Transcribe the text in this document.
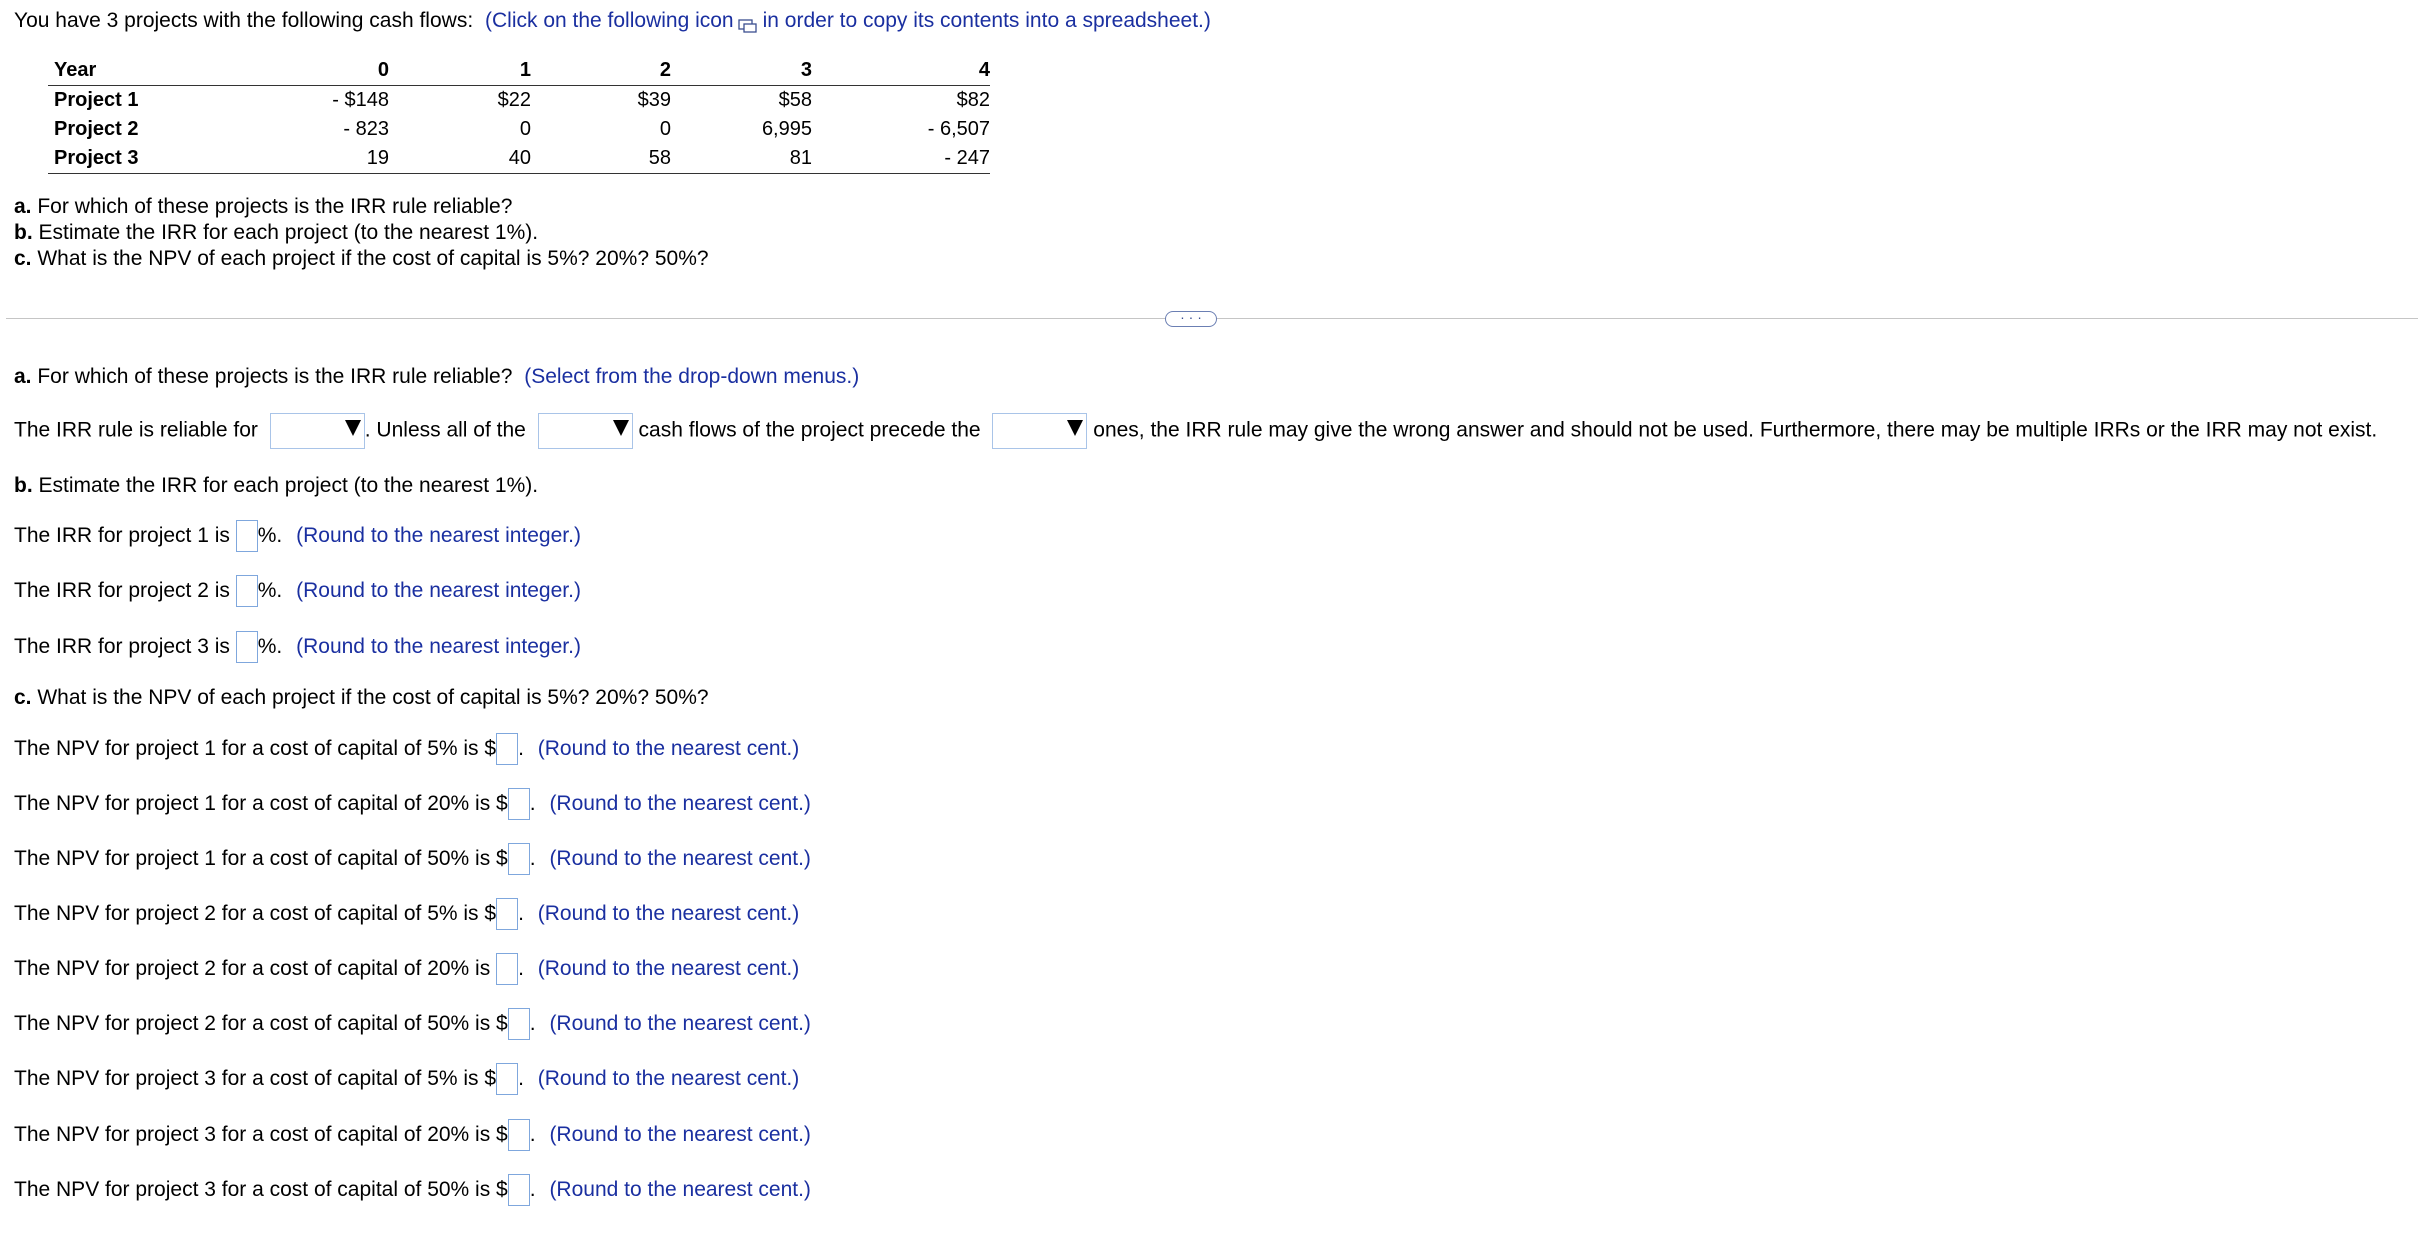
You have 3 projects with the following cash flows: (Click on the following icon in order to copy its contents into a spreadsheet.)
Year	0	1	2	3	4
Project 1	- $148	$22	$39	$58	$82
Project 2	- 823	0	0	6,995	- 6,507
Project 3	19	40	58	81	- 247
a. For which of these projects is the IRR rule reliable?
b. Estimate the IRR for each project (to the nearest 1%).
c. What is the NPV of each project if the cost of capital is 5%? 20%? 50%?
· · ·
a. For which of these projects is the IRR rule reliable? (Select from the drop-down menus.)
The IRR rule is reliable for	. Unless all of the	cash flows of the project precede the	ones, the IRR rule may give the wrong answer and should not be used. Furthermore, there may be multiple IRRs or the IRR may not exist.
b. Estimate the IRR for each project (to the nearest 1%).
The IRR for project 1 is %. (Round to the nearest integer.)
The IRR for project 2 is %. (Round to the nearest integer.)
The IRR for project 3 is %. (Round to the nearest integer.)
c. What is the NPV of each project if the cost of capital is 5%? 20%? 50%?
The NPV for project 1 for a cost of capital of 5% is $ . (Round to the nearest cent.)
The NPV for project 1 for a cost of capital of 20% is $ . (Round to the nearest cent.)
The NPV for project 1 for a cost of capital of 50% is $ . (Round to the nearest cent.)
The NPV for project 2 for a cost of capital of 5% is $ . (Round to the nearest cent.)
The NPV for project 2 for a cost of capital of 20% is . (Round to the nearest cent.)
The NPV for project 2 for a cost of capital of 50% is $ . (Round to the nearest cent.)
The NPV for project 3 for a cost of capital of 5% is $ . (Round to the nearest cent.)
The NPV for project 3 for a cost of capital of 20% is $ . (Round to the nearest cent.)
The NPV for project 3 for a cost of capital of 50% is $ . (Round to the nearest cent.)
